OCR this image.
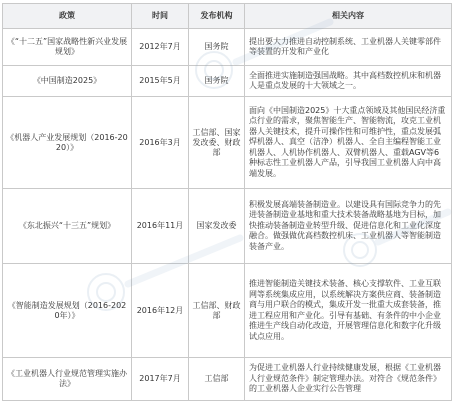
政策	时间	发布机构	相关内容
《“十二五”国家战略性新兴业发展规划》	2012年7月	国务院	提出要大力推进自动控制系统、工业机器人关键零部件等装置的开发和产业化
《中国制造2025》	2015年5月	国务院	全面推进实施制造强国战略。其中高档数控机床和机器人是重点发展的十大领域之一。
《机器人产业发展规划（2016-2020）》	2016年3月	工信部、国家发改委、财政部	面向《中国制造2025》十大重点领域及其他国民经济重点行业的需求，聚焦智能生产、智能物流，攻克工业机器人关键技术，提升可操作性和可维护性，重点发展弧焊机器人、真空（洁净）机器人、全自主编程智能工业机器人、人机协作机器人、双臂机器人、重载AGV等6种标志性工业机器人产品，引导我国工业机器人向中高端发展。
《东北振兴“十三五”规划》	2016年11月	国家发改委	积极发展高端装备制造业。以建设具有国际竞争力的先进装备制造业基地和重大技术装备战略基地为目标，加快推动装备制造业转型升级、促进信息化和工业化深度融合。做强做优高档数控机床、工业机器人等智能制造装备产业。
《智能制造发展规划（2016-2020年）》	2016年12月	工信部、财政部	推进智能制造关键技术装备、核心支撑软件、工业互联网等系统集成应用，以系统解决方案供应商、装备制造商与用户联合的模式，集成开发一批重大成套装备，推进工程应用和产业化。引导有基础、有条件的中小企业推进生产线自动化改造，开展管理信息化和数字化升级试点应用。
《工业机器人行业规范管理实施办法》	2017年7月	工信部	为促进工业机器人行业持续健康发展，根据《工业机器人行业规范条件》制定管理办法。对符合《规范条件》的工业机器人企业实行公告管理
